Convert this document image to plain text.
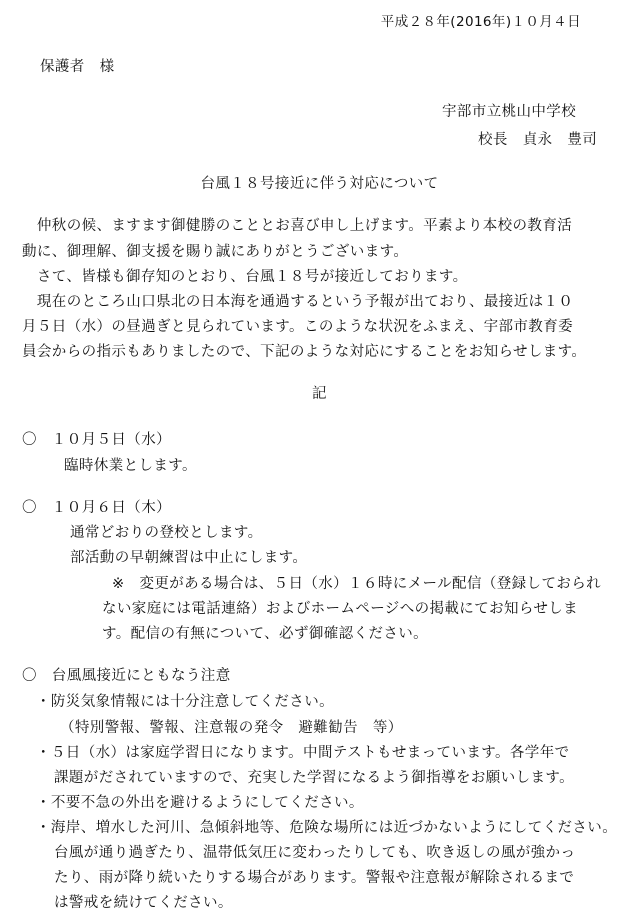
平成２８年(2016年)１０月４日
保護者　様
宇部市立桃山中学校
校長　貞永　豊司
台風１８号接近に伴う対応について
　仲秋の候、ますます御健勝のこととお喜び申し上げます。平素より本校の教育活
動に、御理解、御支援を賜り誠にありがとうございます。
　さて、皆様も御存知のとおり、台風１８号が接近しております。
　現在のところ山口県北の日本海を通過するという予報が出ており、最接近は１０
月５日（水）の昼過ぎと見られています。このような状況をふまえ、宇部市教育委
員会からの指示もありましたので、下記のような対応にすることをお知らせします。
記
〇　１０月５日（水）
臨時休業とします。
〇　１０月６日（木）
通常どおりの登校とします。
部活動の早朝練習は中止にします。
※　変更がある場合は、５日（水）１６時にメール配信（登録しておられ
ない家庭には電話連絡）およびホームページへの掲載にてお知らせしま
す。配信の有無について、必ず御確認ください。
〇　台風風接近にともなう注意
・防災気象情報には十分注意してください。
（特別警報、警報、注意報の発令　避難勧告　等）
・５日（水）は家庭学習日になります。中間テストもせまっています。各学年で
課題がだされていますので、充実した学習になるよう御指導をお願いします。
・不要不急の外出を避けるようにしてください。
・海岸、増水した河川、急傾斜地等、危険な場所には近づかないようにしてください。
台風が通り過ぎたり、温帯低気圧に変わったりしても、吹き返しの風が強かっ
たり、雨が降り続いたりする場合があります。警報や注意報が解除されるまで
は警戒を続けてください。
